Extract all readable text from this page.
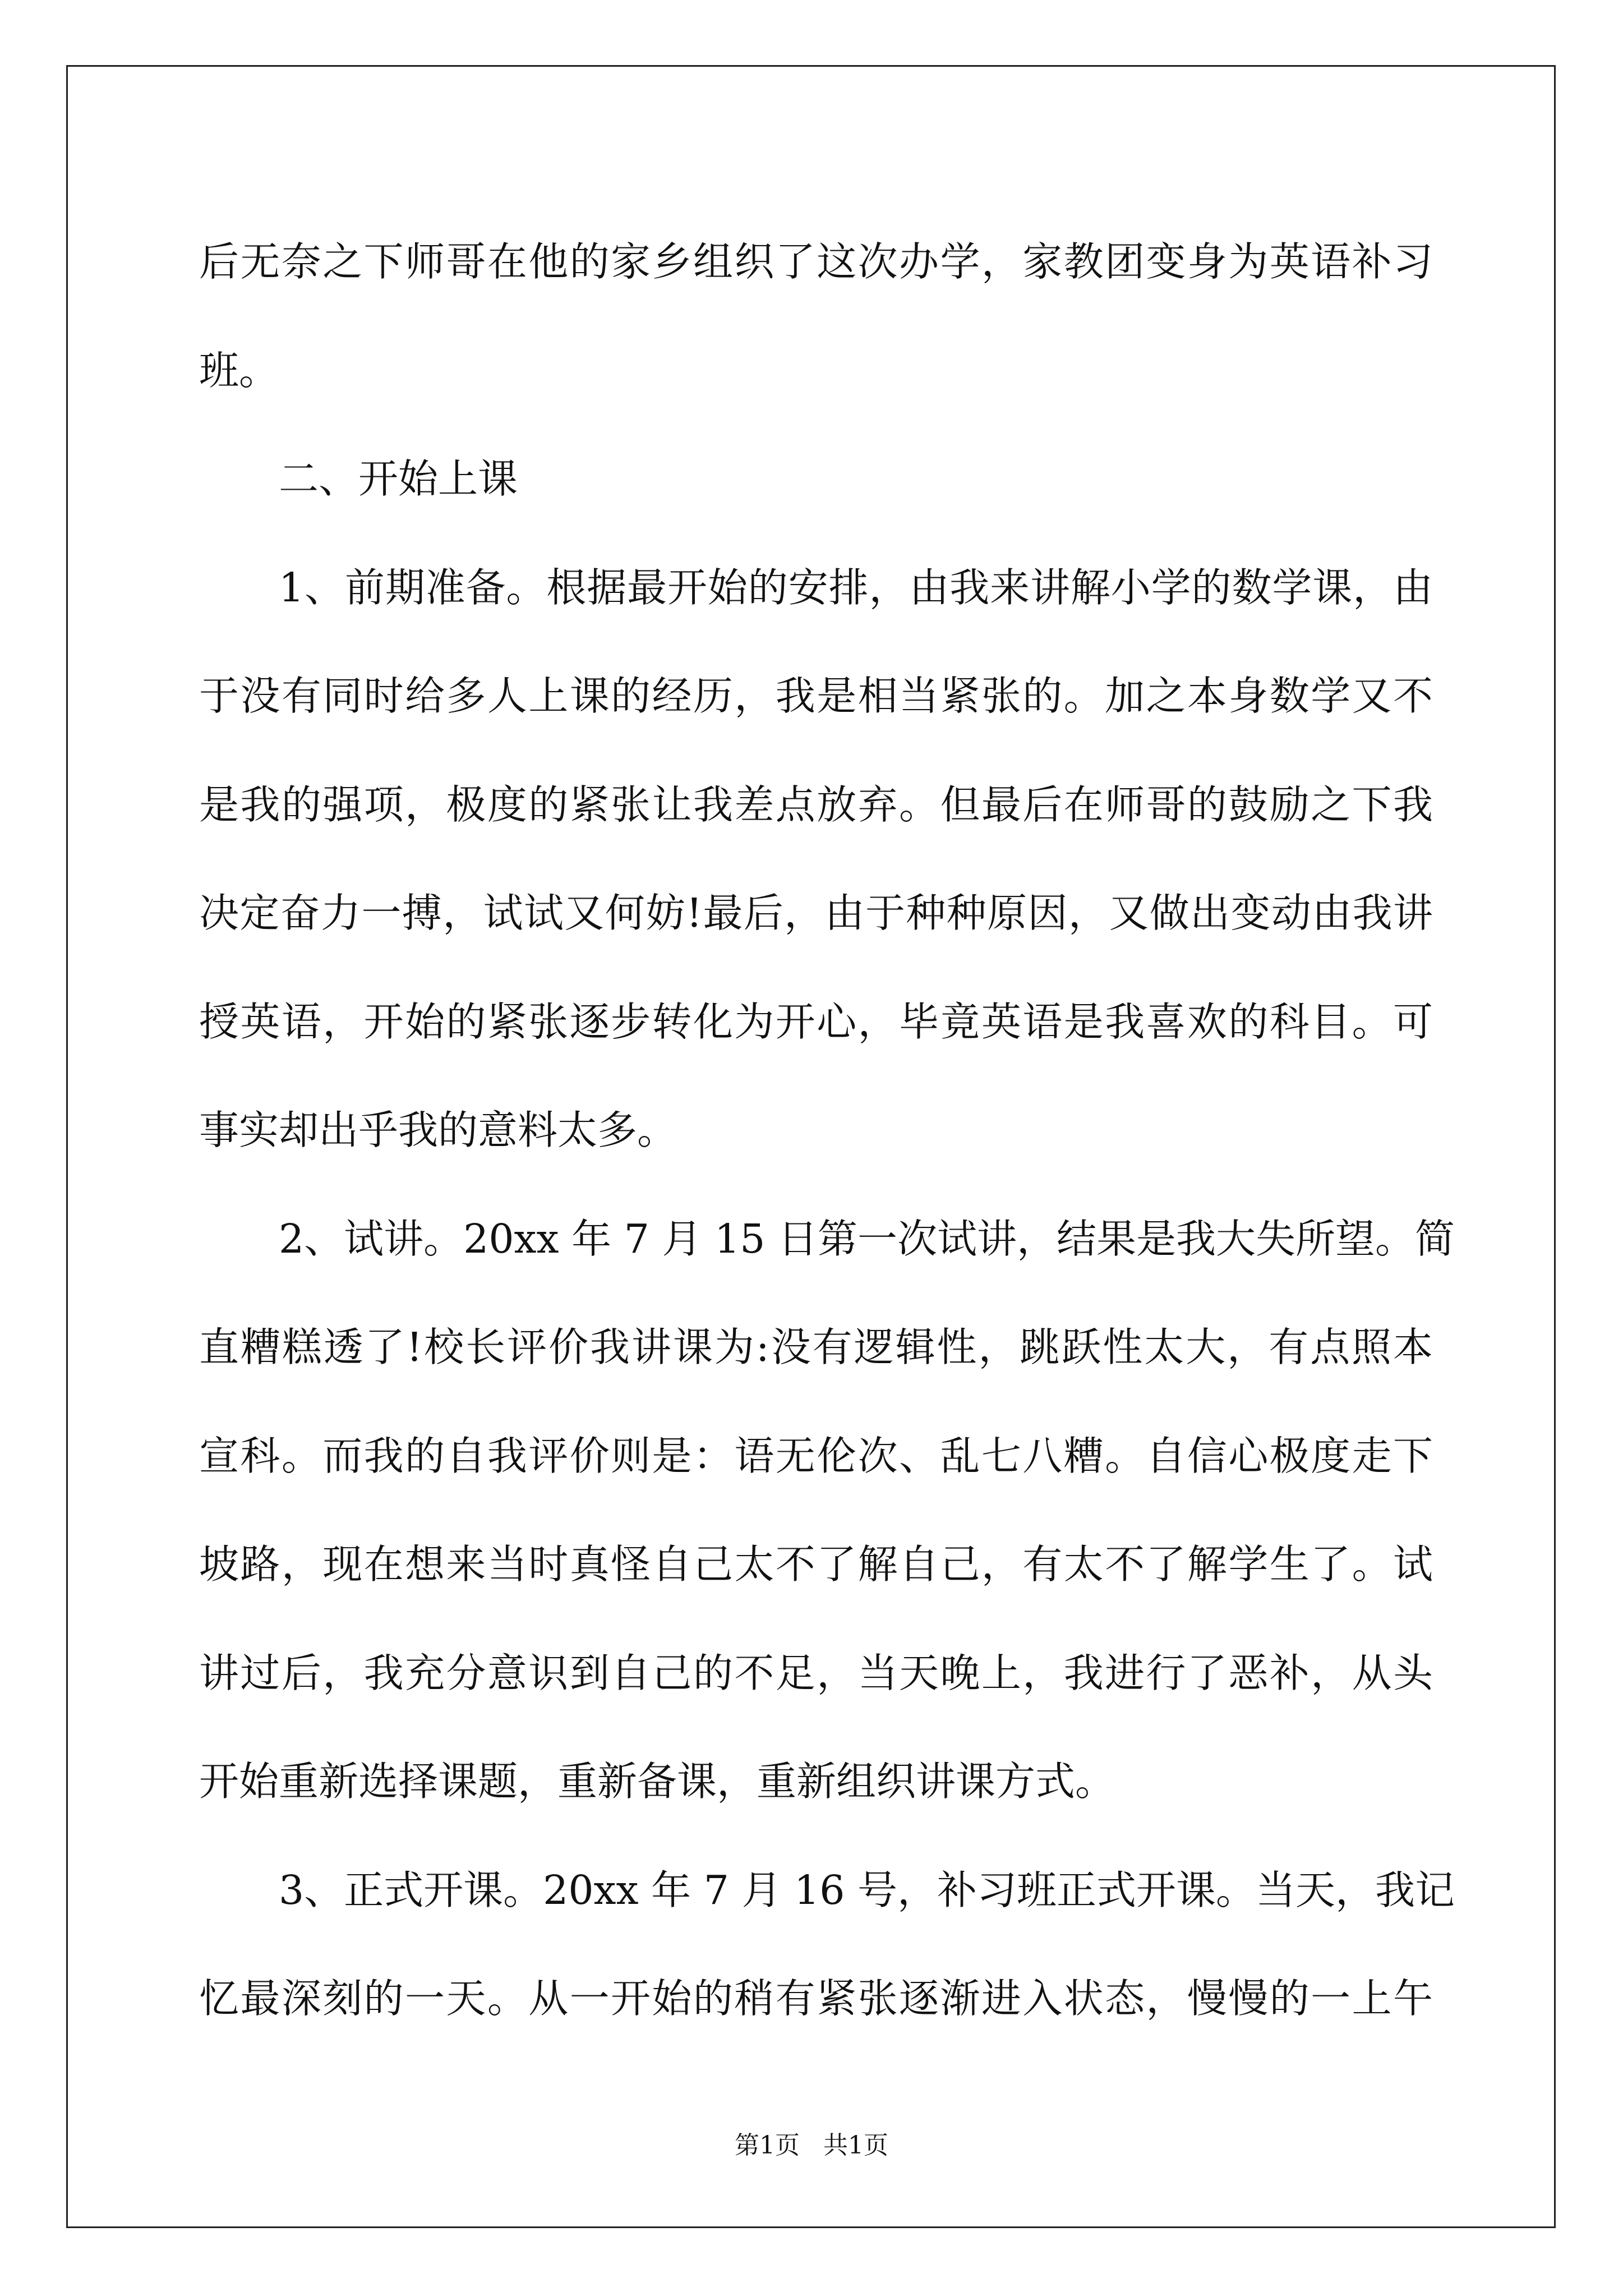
后无奈之下师哥在他的家乡组织了这次办学，家教团变身为英语补习
班。
二、开始上课
1、前期准备。根据最开始的安排，由我来讲解小学的数学课，由
于没有同时给多人上课的经历，我是相当紧张的。加之本身数学又不
是我的强项，极度的紧张让我差点放弃。但最后在师哥的鼓励之下我
决定奋力一搏，试试又何妨!最后，由于种种原因，又做出变动由我讲
授英语，开始的紧张逐步转化为开心，毕竟英语是我喜欢的科目。可
事实却出乎我的意料太多。
2、试讲。20xx 年 7 月 15 日第一次试讲，结果是我大失所望。简
直糟糕透了!校长评价我讲课为:没有逻辑性，跳跃性太大，有点照本
宣科。而我的自我评价则是：语无伦次、乱七八糟。自信心极度走下
坡路，现在想来当时真怪自己太不了解自己，有太不了解学生了。试
讲过后，我充分意识到自己的不足，当天晚上，我进行了恶补，从头
开始重新选择课题，重新备课，重新组织讲课方式。
3、正式开课。20xx 年 7 月 16 号，补习班正式开课。当天，我记
忆最深刻的一天。从一开始的稍有紧张逐渐进入状态，慢慢的一上午
第1页 共1页
